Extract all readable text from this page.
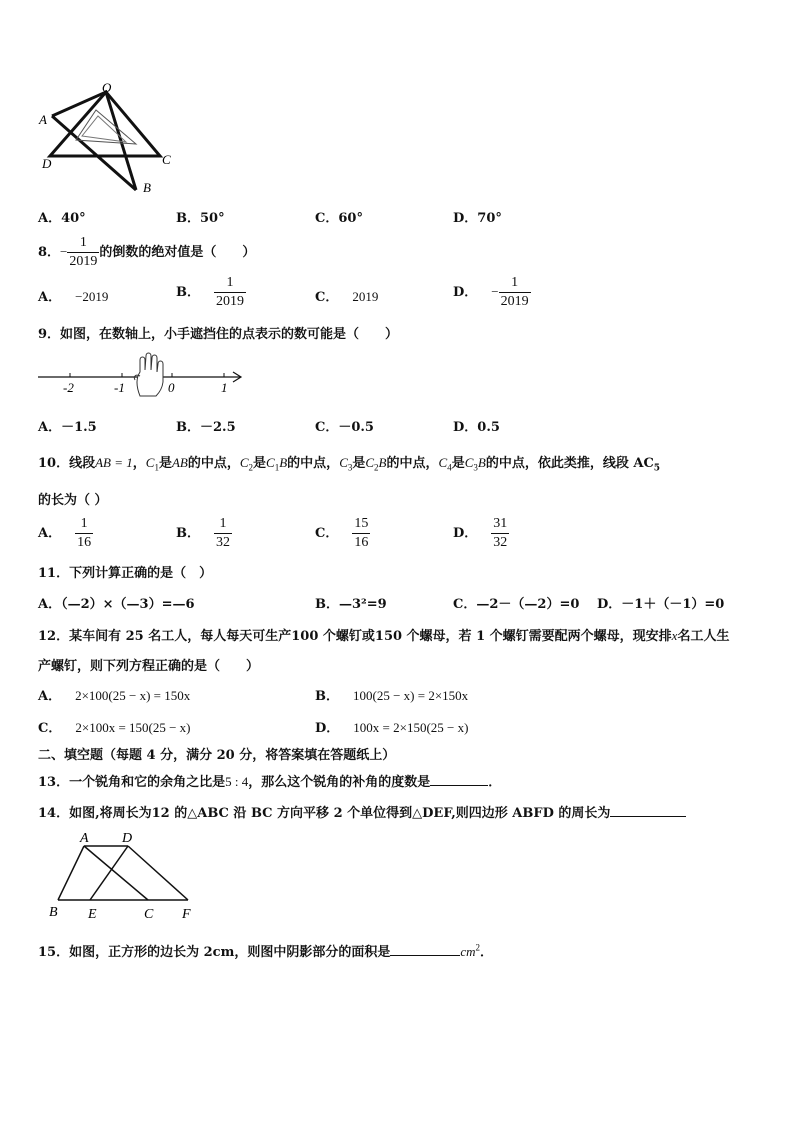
O
A
D	C
B
A．40°	B．50°	C．60°	D．70°
8．− $\frac{1}{2019}$ 的倒数的绝对值是（　　）
A． −2019	B． $\frac{1}{2019}$	C． 2019	D． − $\frac{1}{2019}$
9．如图，在数轴上，小手遮挡住的点表示的数可能是（　　）
-2	-1	0	1
A．－1.5	B．－2.5	C．－0.5	D．0.5
10．线段AB = 1，$C_1$是AB的中点，$C_2$是$C_1B$的中点，$C_3$是$C_2B$的中点，$C_4$是$C_3B$的中点，依此类推，线段 $AC_5$
的长为（ ）
A． $\frac{1}{16}$	B． $\frac{1}{32}$	C． $\frac{15}{16}$	D． $\frac{31}{32}$
11．下列计算正确的是（　）
A．（—2）×（—3）=—6	B．—3²=9	C．—2－（—2）=0 D．－1＋（－1）=0
12．某车间有 25 名工人，每人每天可生产100 个螺钉或150 个螺母，若 1 个螺钉需要配两个螺母，现安排x名工人生
产螺钉，则下列方程正确的是（　　）
A． 2×100(25 − x) = 150x	B． 100(25 − x) = 2×150x
C． 2×100x = 150(25 − x)	D． 100x = 2×150(25 − x)
二、填空题（每题 4 分，满分 20 分，将答案填在答题纸上）
13．一个锐角和它的余角之比是5 : 4，那么这个锐角的补角的度数是	．
14．如图,将周长为12 的△ABC 沿 BC 方向平移 2 个单位得到△DEF,则四边形 ABFD 的周长为
A D
B E	C F
15．如图，正方形的边长为 2cm，则图中阴影部分的面积是	$cm^2$．
